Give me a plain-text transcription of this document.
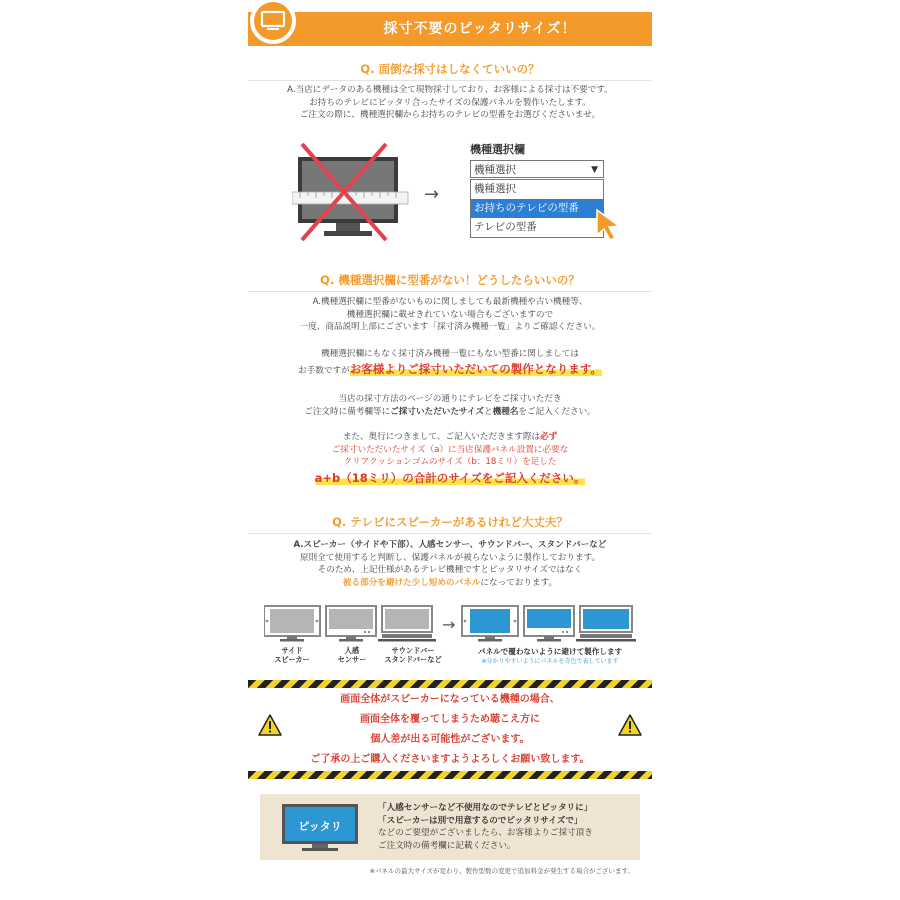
採寸不要のピッタリサイズ！
Q. 面倒な採寸はしなくていいの？
A.当店にデータのある機種は全て現物採寸しており、お客様による採寸は不要です。
お持ちのテレビにピッタリ合ったサイズの保護パネルを製作いたします。
ご注文の際に、機種選択欄からお持ちのテレビの型番をお選びくださいませ。
→
機種選択欄
機種選択	▼
機種選択
お持ちのテレビの型番
テレビの型番
Q. 機種選択欄に型番がない！どうしたらいいの？
A.機種選択欄に型番がないものに関しましても最新機種や古い機種等、
機種選択欄に載せきれていない場合もございますので
一度、商品説明上部にございます「採寸済み機種一覧」よりご確認ください。
機種選択欄にもなく採寸済み機種一覧にもない型番に関しましては
お手数ですがお客様よりご採寸いただいての製作となります。
当店の採寸方法のページの通りにテレビをご採寸いただき
ご注文時に備考欄等にご採寸いただいたサイズと機種名をご記入ください。
また、奥行につきまして、ご記入いただきます際は必ず
ご採寸いただいたサイズ（a）に当店保護パネル設置に必要な
クリアクッションゴムのサイズ（b：18ミリ）を足した
a+b（18ミリ）の合計のサイズをご記入ください。
Q. テレビにスピーカーがあるけれど大丈夫？
A.スピーカー（サイドや下部）、人感センサー、サウンドバー、スタンドバーなど
原則全て使用すると判断し、保護パネルが被らないように製作しております。
そのため、上記仕様があるテレビ機種ですとピッタリサイズではなく
被る部分を避けた少し短めのパネルになっております。
→
サイド
スピーカー
人感
センサー
サウンドバー
スタンドバーなど
パネルで覆わないように避けて製作します
※分かりやすいようにパネルを青色で表しています
画面全体がスピーカーになっている機種の場合、
画面全体を覆ってしまうため聴こえ方に
個人差が出る可能性がございます。
ご了承の上ご購入くださいますようよろしくお願い致します。
ピッタリ
「人感センサーなど不使用なのでテレビとピッタリに」
「スピーカーは別で用意するのでピッタリサイズで」
などのご要望がございましたら、お客様よりご採寸頂き
ご注文時の備考欄に記載ください。
※パネルの最大サイズが変わり、製作型数の変更で追加料金が発生する場合がございます。
